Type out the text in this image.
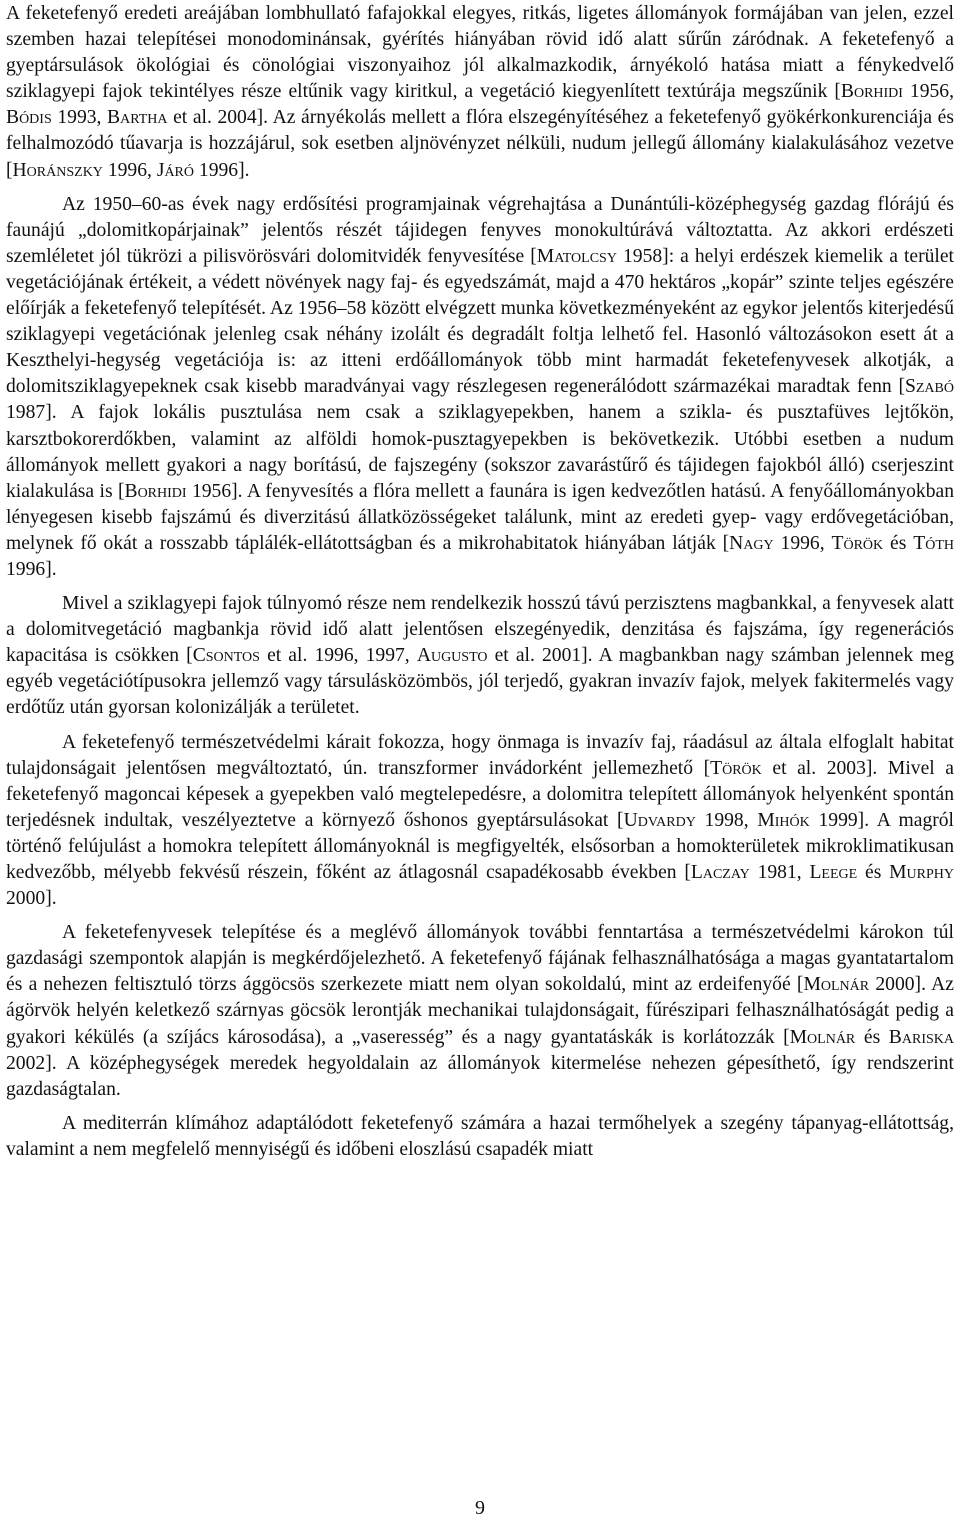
A feketefenyő eredeti areájában lombhullató fafajokkal elegyes, ritkás, ligetes állományok formájában van jelen, ezzel szemben hazai telepítései monodominánsak, gyérítés hiányában rövid idő alatt sűrűn záródnak. A feketefenyő a gyeptársulások ökológiai és cönológiai viszonyaihoz jól alkalmazkodik, árnyékoló hatása miatt a fénykedvelő sziklagyepi fajok tekintélyes része eltűnik vagy kiritkul, a vegetáció kiegyenlített textúrája megszűnik [Borhidi 1956, Bódis 1993, Bartha et al. 2004]. Az árnyékolás mellett a flóra elszegényítéséhez a feketefenyő gyökérkonkurenciája és felhalmozódó tűavarja is hozzájárul, sok esetben aljnövényzet nélküli, nudum jellegű állomány kialakulásához vezetve [Horánszky 1996, Járó 1996].

Az 1950–60-as évek nagy erdősítési programjainak végrehajtása a Dunántúli-középhegység gazdag flórájú és faunájú „dolomitkopárjainak” jelentős részét tájidegen fenyves monokultúrává változtatta. Az akkori erdészeti szemléletet jól tükrözi a pilisvörösvári dolomitvidék fenyvesítése [Matolcsy 1958]: a helyi erdészek kiemelik a terület vegetációjának értékeit, a védett növények nagy faj- és egyedszámát, majd a 470 hektáros „kopár” szinte teljes egészére előírják a feketefenyő telepítését. Az 1956–58 között elvégzett munka következményeként az egykor jelentős kiterjedésű sziklagyepi vegetációnak jelenleg csak néhány izolált és degradált foltja lelhető fel. Hasonló változásokon esett át a Keszthelyi-hegység vegetációja is: az itteni erdőállományok több mint harmadát feketefenyvesek alkotják, a dolomitsziklagyepeknek csak kisebb maradványai vagy részlegesen regenerálódott származékai maradtak fenn [Szabó 1987]. A fajok lokális pusztulása nem csak a sziklagyepekben, hanem a szikla- és pusztafüves lejtőkön, karsztbokorerdőkben, valamint az alföldi homok-pusztagyepekben is bekövetkezik. Utóbbi esetben a nudum állományok mellett gyakori a nagy borítású, de fajszegény (sokszor zavarástűrő és tájidegen fajokból álló) cserjeszint kialakulása is [Borhidi 1956]. A fenyvesítés a flóra mellett a faunára is igen kedvezőtlen hatású. A fenyőállományokban lényegesen kisebb fajszámú és diverzitású állatközösségeket találunk, mint az eredeti gyep- vagy erdővegetációban, melynek fő okát a rosszabb táplálék-ellátottságban és a mikrohabitatok hiányában látják [Nagy 1996, Török és Tóth 1996].

Mivel a sziklagyepi fajok túlnyomó része nem rendelkezik hosszú távú perzisztens magbankkal, a fenyvesek alatt a dolomitvegetáció magbankja rövid idő alatt jelentősen elszegényedik, denzitása és fajszáma, így regenerációs kapacitása is csökken [Csontos et al. 1996, 1997, Augusto et al. 2001]. A magbankban nagy számban jelennek meg egyéb vegetációtípusokra jellemző vagy társulásközömbös, jól terjedő, gyakran invazív fajok, melyek fakitermelés vagy erdőtűz után gyorsan kolonizálják a területet.

A feketefenyő természetvédelmi kárait fokozza, hogy önmaga is invazív faj, ráadásul az általa elfoglalt habitat tulajdonságait jelentősen megváltoztató, ún. transzformer invádorként jellemezhető [Török et al. 2003]. Mivel a feketefenyő magoncai képesek a gyepekben való megtelepedésre, a dolomitra telepített állományok helyenként spontán terjedésnek indultak, veszélyeztetve a környező őshonos gyeptársulásokat [Udvardy 1998, Mihók 1999]. A magról történő felújulást a homokra telepített állományoknál is megfigyelték, elsősorban a homokterületek mikroklimatikusan kedvezőbb, mélyebb fekvésű részein, főként az átlagosnál csapadékosabb években [Laczay 1981, Leege és Murphy 2000].

A feketefenyvesek telepítése és a meglévő állományok további fenntartása a természetvédelmi károkon túl gazdasági szempontok alapján is megkérdőjelezhető. A feketefenyő fájának felhasználhatósága a magas gyantatartalom és a nehezen feltisztuló törzs ággöcsös szerkezete miatt nem olyan sokoldalú, mint az erdeifenyőé [Molnár 2000]. Az ágörvök helyén keletkező szárnyas göcsök lerontják mechanikai tulajdonságait, fűrészipari felhasználhatóságát pedig a gyakori kékülés (a szíjács károsodása), a „vaseresség” és a nagy gyantatáskák is korlátozzák [Molnár és Bariska 2002]. A középhegységek meredek hegyoldalain az állományok kitermelése nehezen gépesíthető, így rendszerint gazdaságtalan.

A mediterrán klímához adaptálódott feketefenyő számára a hazai termőhelyek a szegény tápanyag-ellátottság, valamint a nem megfelelő mennyiségű és időbeni eloszlású csapadék miatt

9
